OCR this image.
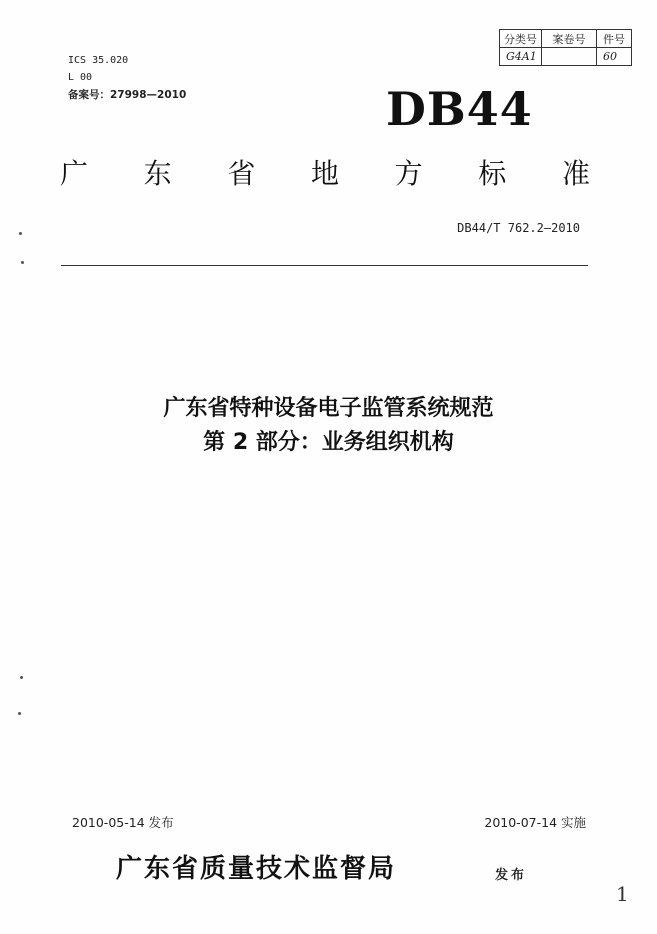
ICS 35.020
L 00
备案号：27998—2010
分类号	案卷号	件号
G4A1		60
DB44
广 东 省 地 方 标 准
DB44/T 762.2—2010
广东省特种设备电子监管系统规范
第 2 部分：业务组织机构
2010-05-14 发布	2010-07-14 实施
广东省质量技术监督局	发布
1
